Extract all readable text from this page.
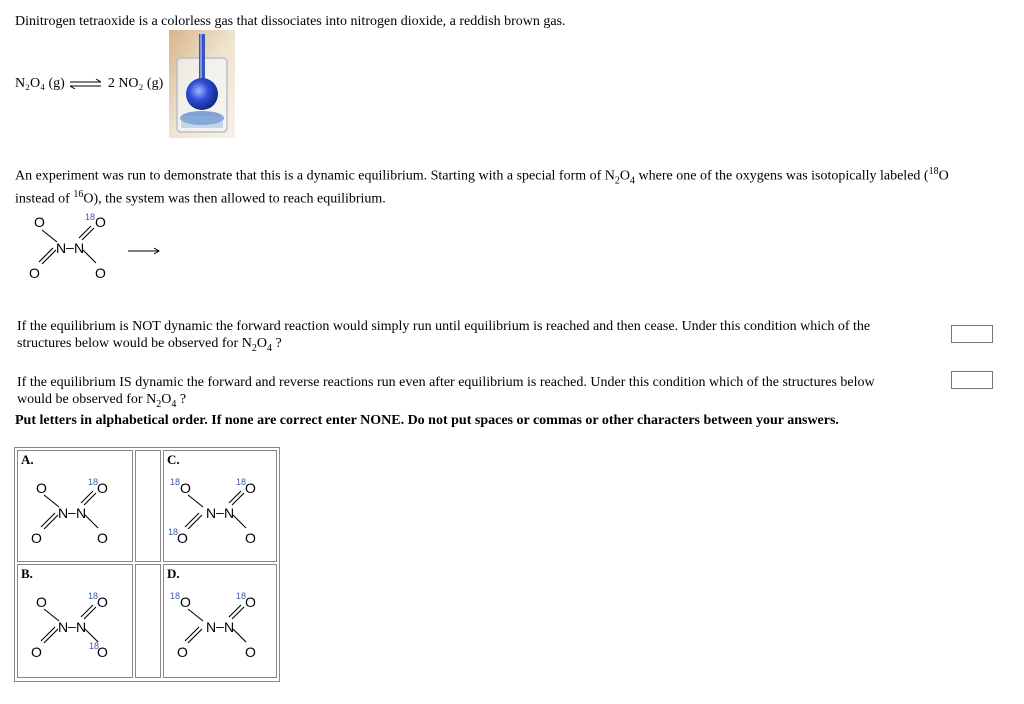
Dinitrogen tetraoxide is a colorless gas that dissociates into nitrogen dioxide, a reddish brown gas.
N₂O₄ (g) ⇌ 2 NO₂ (g)
An experiment was run to demonstrate that this is a dynamic equilibrium. Starting with a special form of $N_2O_4$ where one of the oxygens was isotopically labeled ($^{18}$O
instead of $^{16}$O), the system was then allowed to reach equilibrium.
O	18 O
N – N
O	O
If the equilibrium is NOT dynamic the forward reaction would simply run until equilibrium is reached and then cease. Under this condition which of the
structures below would be observed for $N_2O_4$ ?
If the equilibrium IS dynamic the forward and reverse reactions run even after equilibrium is reached. Under this condition which of the structures below
would be observed for $N_2O_4$ ?
Put letters in alphabetical order. If none are correct enter NONE. Do not put spaces or commas or other characters between your answers.
A.
O	18
O
N – N
O	O
C.
18 O	18
O
N – N
18
O	O
B.
O	18
O
N – N
O	18
O
D.
18 O	18
O
N – N
O	O
